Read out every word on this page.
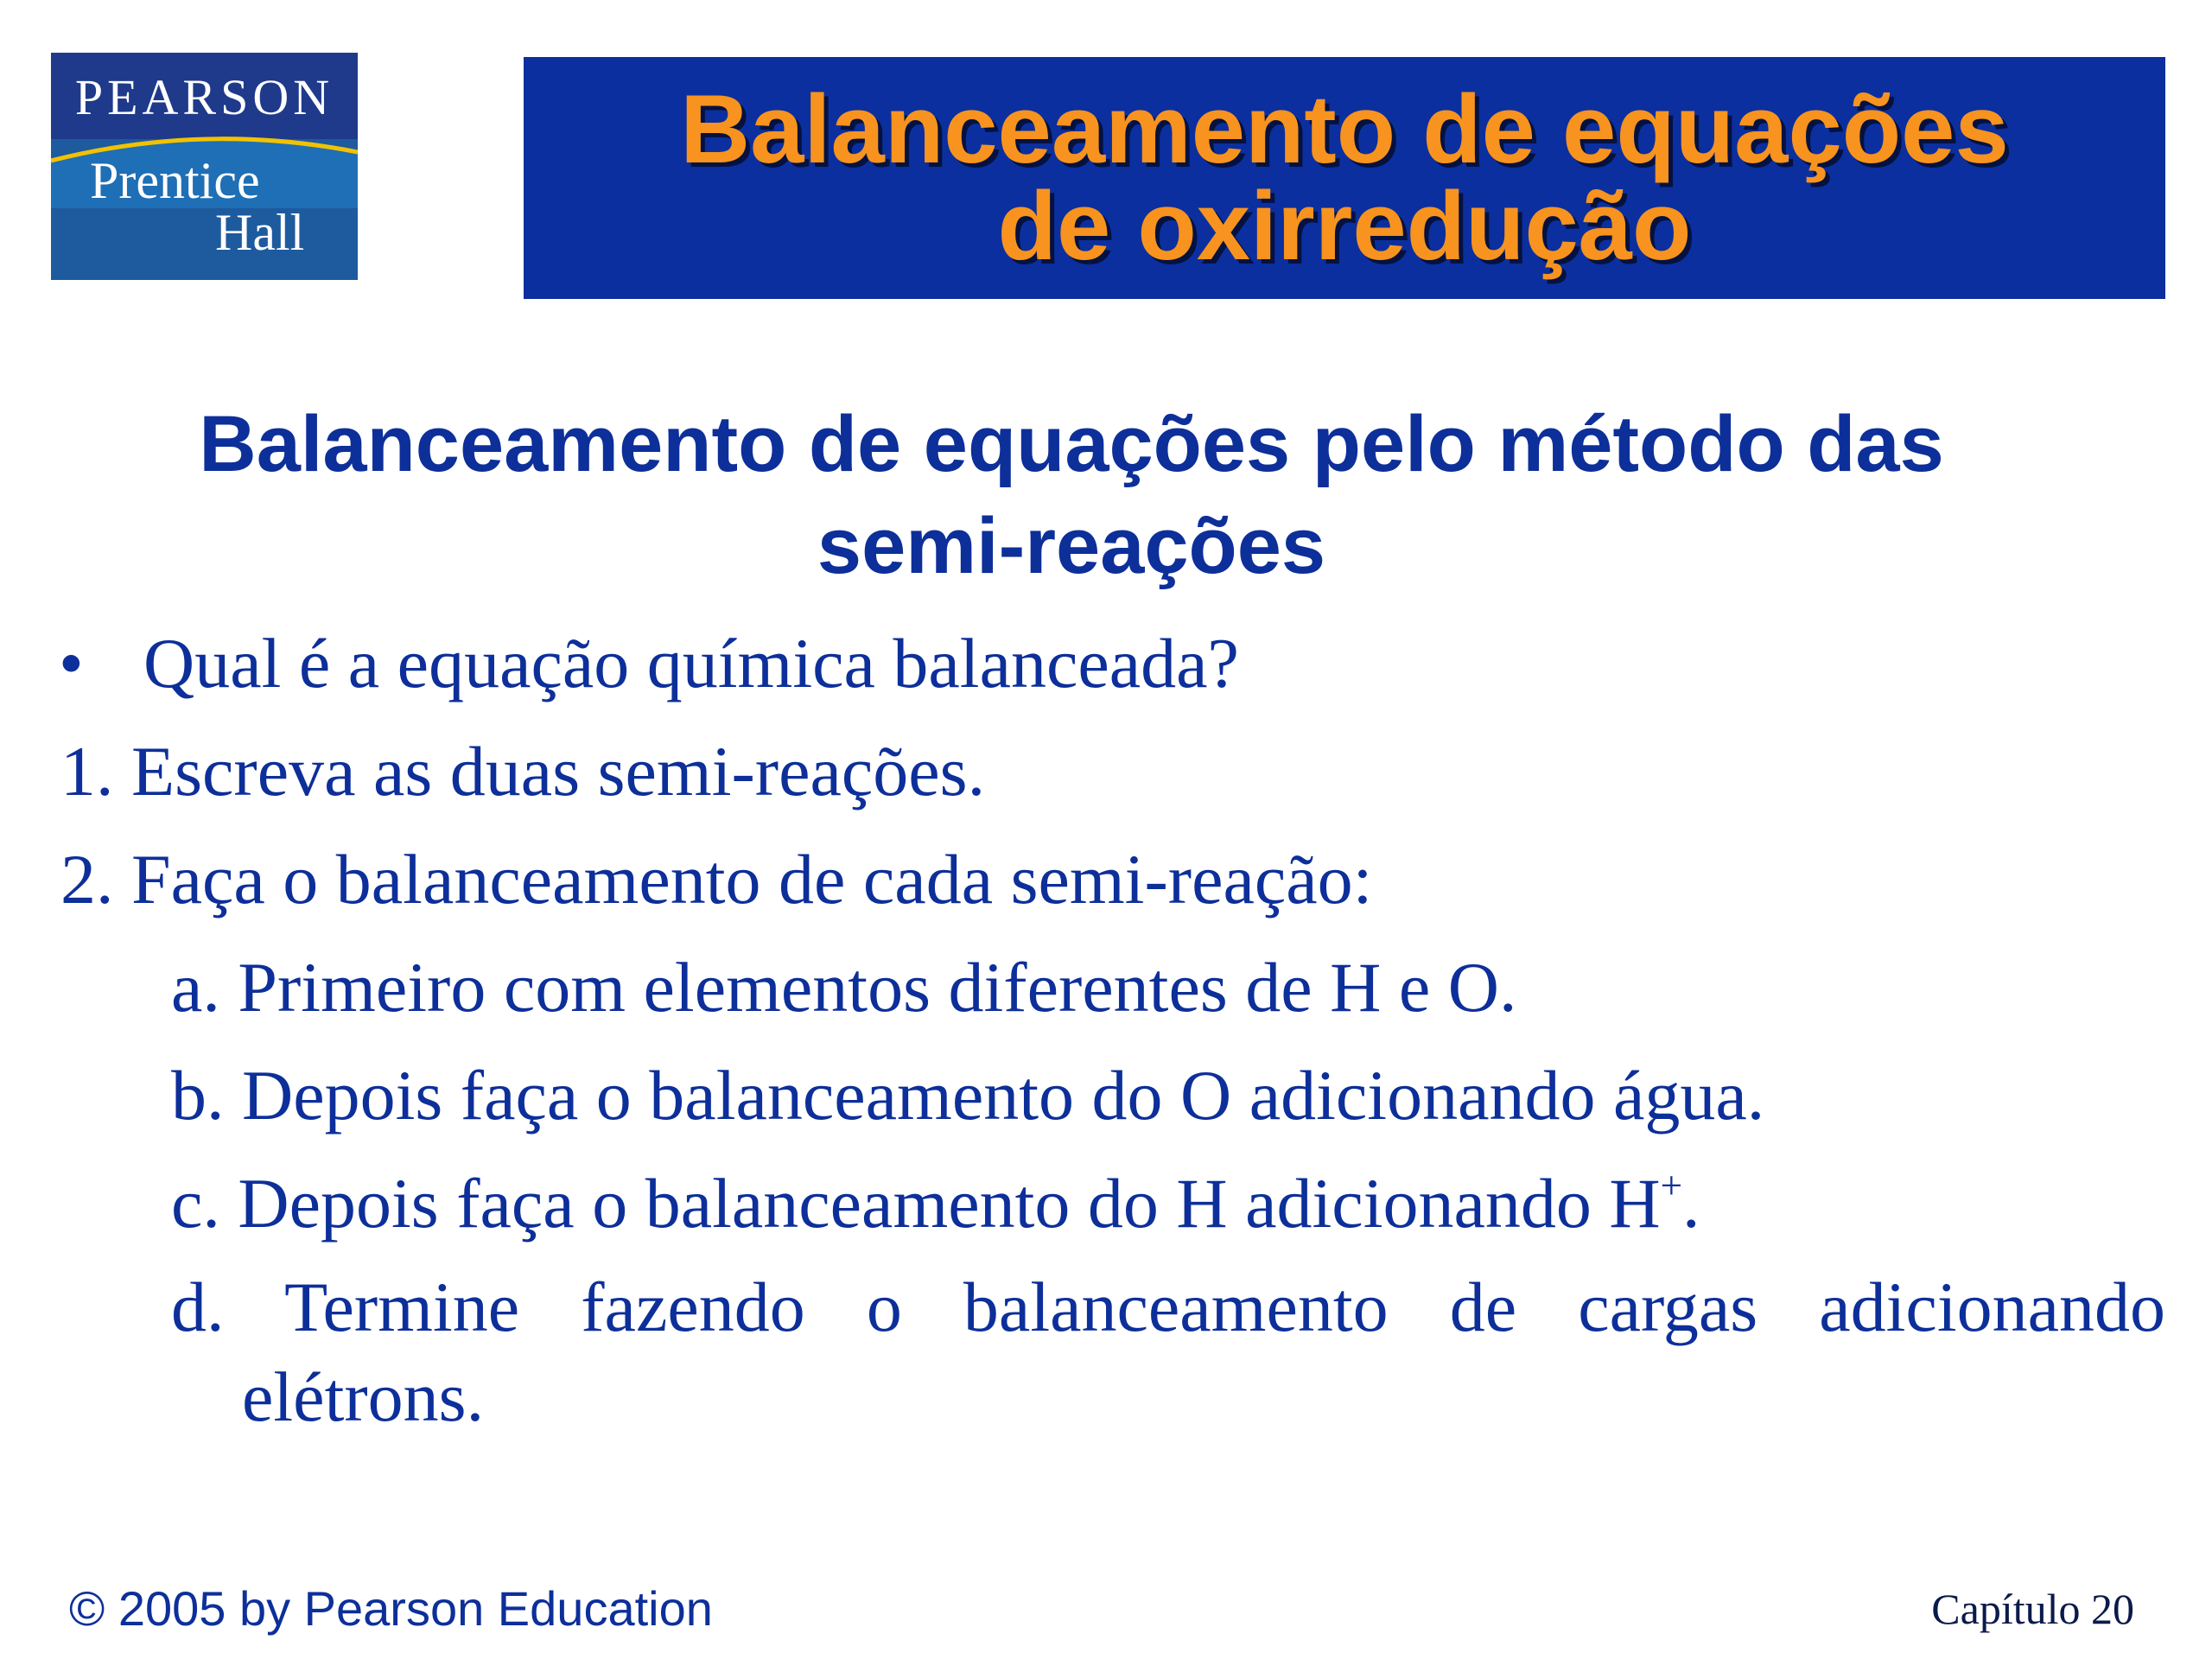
PEARSON
Prentice
Hall
Balanceamento de equações
de oxirredução
Balanceamento de equações pelo método das
semi-reações
• Qual é a equação química balanceada?
1. Escreva as duas semi-reações.
2. Faça o balanceamento de cada semi-reação:
a. Primeiro com elementos diferentes de H e O.
b. Depois faça o balanceamento do O adicionando água.
c. Depois faça o balanceamento do H adicionando H+.
d. Termine fazendo o balanceamento de cargas adicionando
elétrons.
© 2005 by Pearson Education	Capítulo 20
